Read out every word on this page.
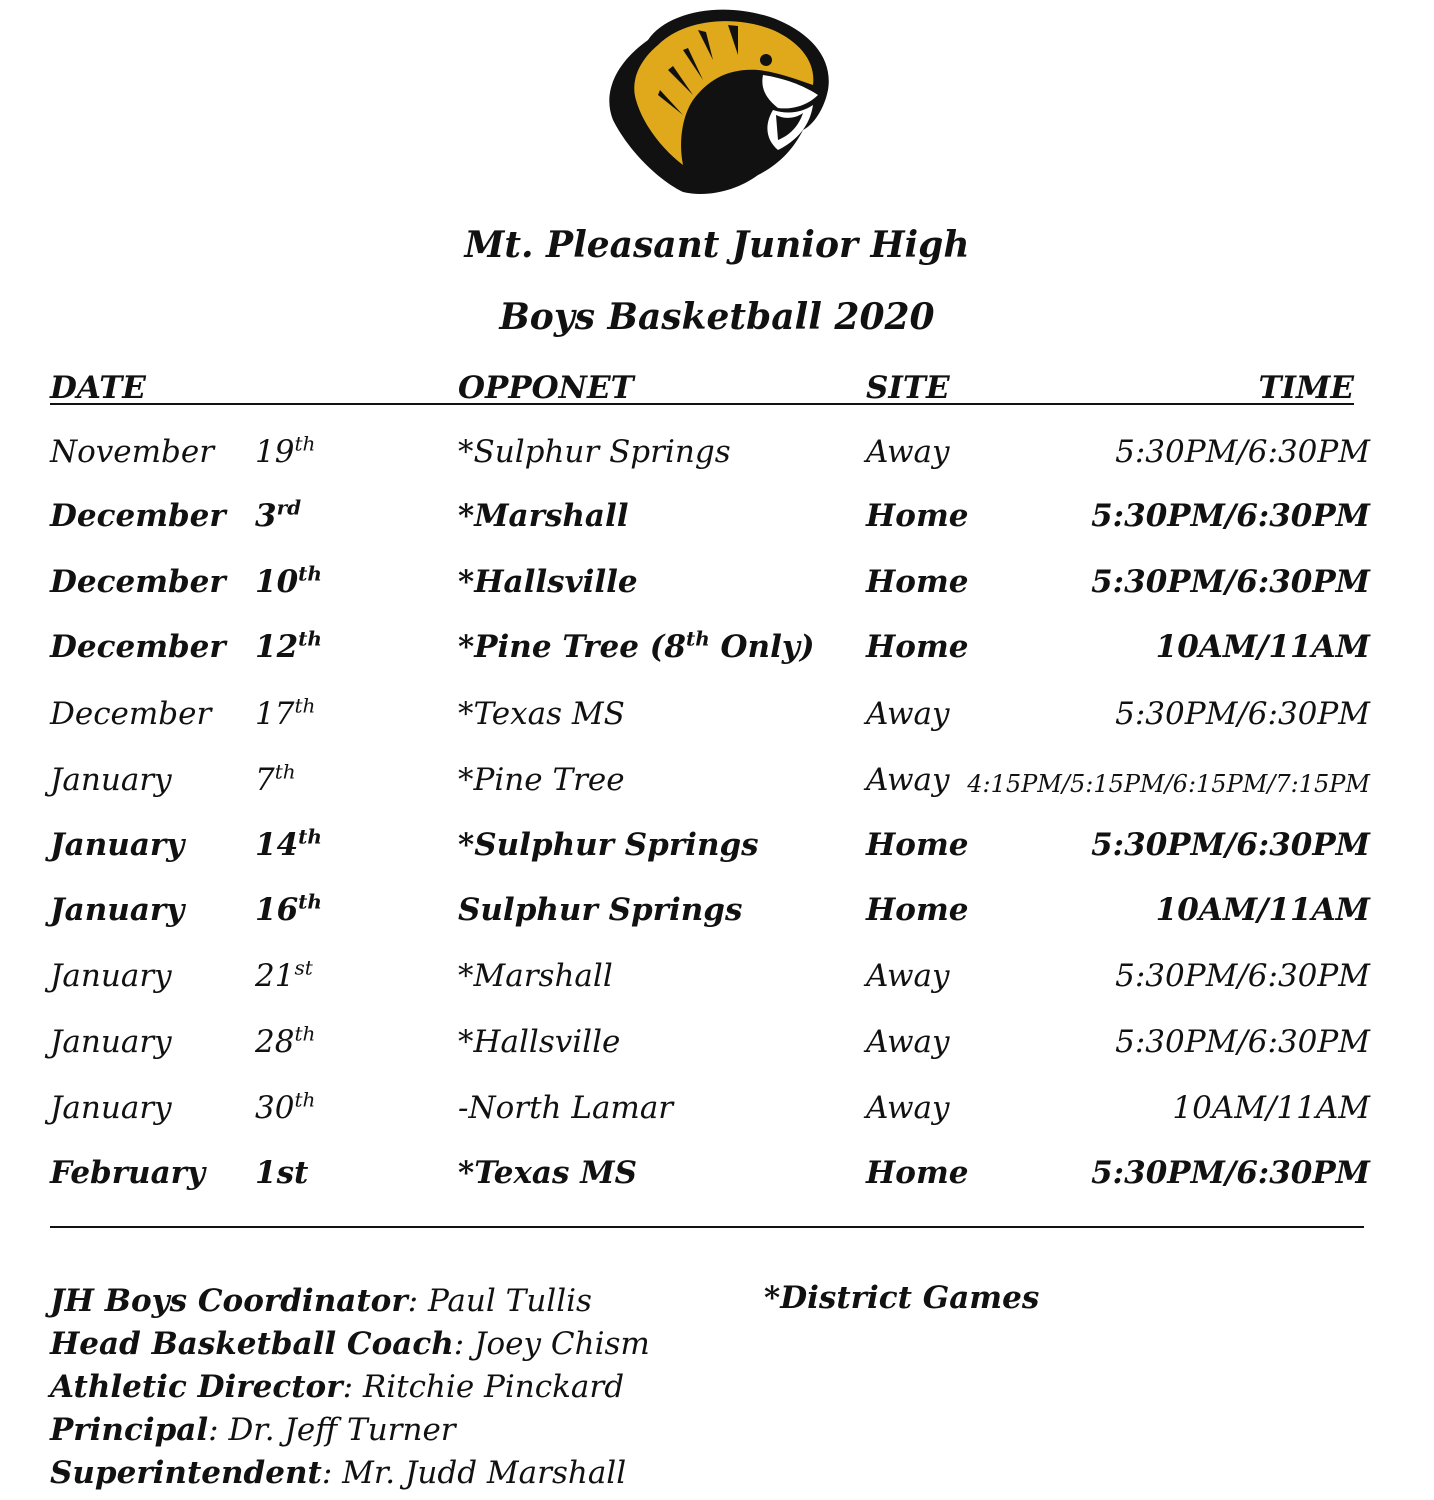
Mt. Pleasant Junior High
Boys Basketball 2020
DATE	OPPONET	SITE	TIME
November 19th	*Sulphur Springs	Away	5:30PM/6:30PM
December 3rd	*Marshall	Home	5:30PM/6:30PM
December 10th	*Hallsville	Home	5:30PM/6:30PM
December 12th	*Pine Tree (8th Only) Home	10AM/11AM
December 17th	*Texas MS	Away	5:30PM/6:30PM
January	7th	*Pine Tree	Away 4:15PM/5:15PM/6:15PM/7:15PM
January 14th	*Sulphur Springs	Home	5:30PM/6:30PM
January 16th	Sulphur Springs	Home	10AM/11AM
January	21st	*Marshall	Away	5:30PM/6:30PM
January	28th	*Hallsville	Away	5:30PM/6:30PM
January	30th	-North Lamar	Away	10AM/11AM
February 1st	*Texas MS	Home	5:30PM/6:30PM
JH Boys Coordinator: Paul Tullis
Head Basketball Coach: Joey Chism
Athletic Director: Ritchie Pinckard
Principal: Dr. Jeff Turner
Superintendent: Mr. Judd Marshall
*District Games
